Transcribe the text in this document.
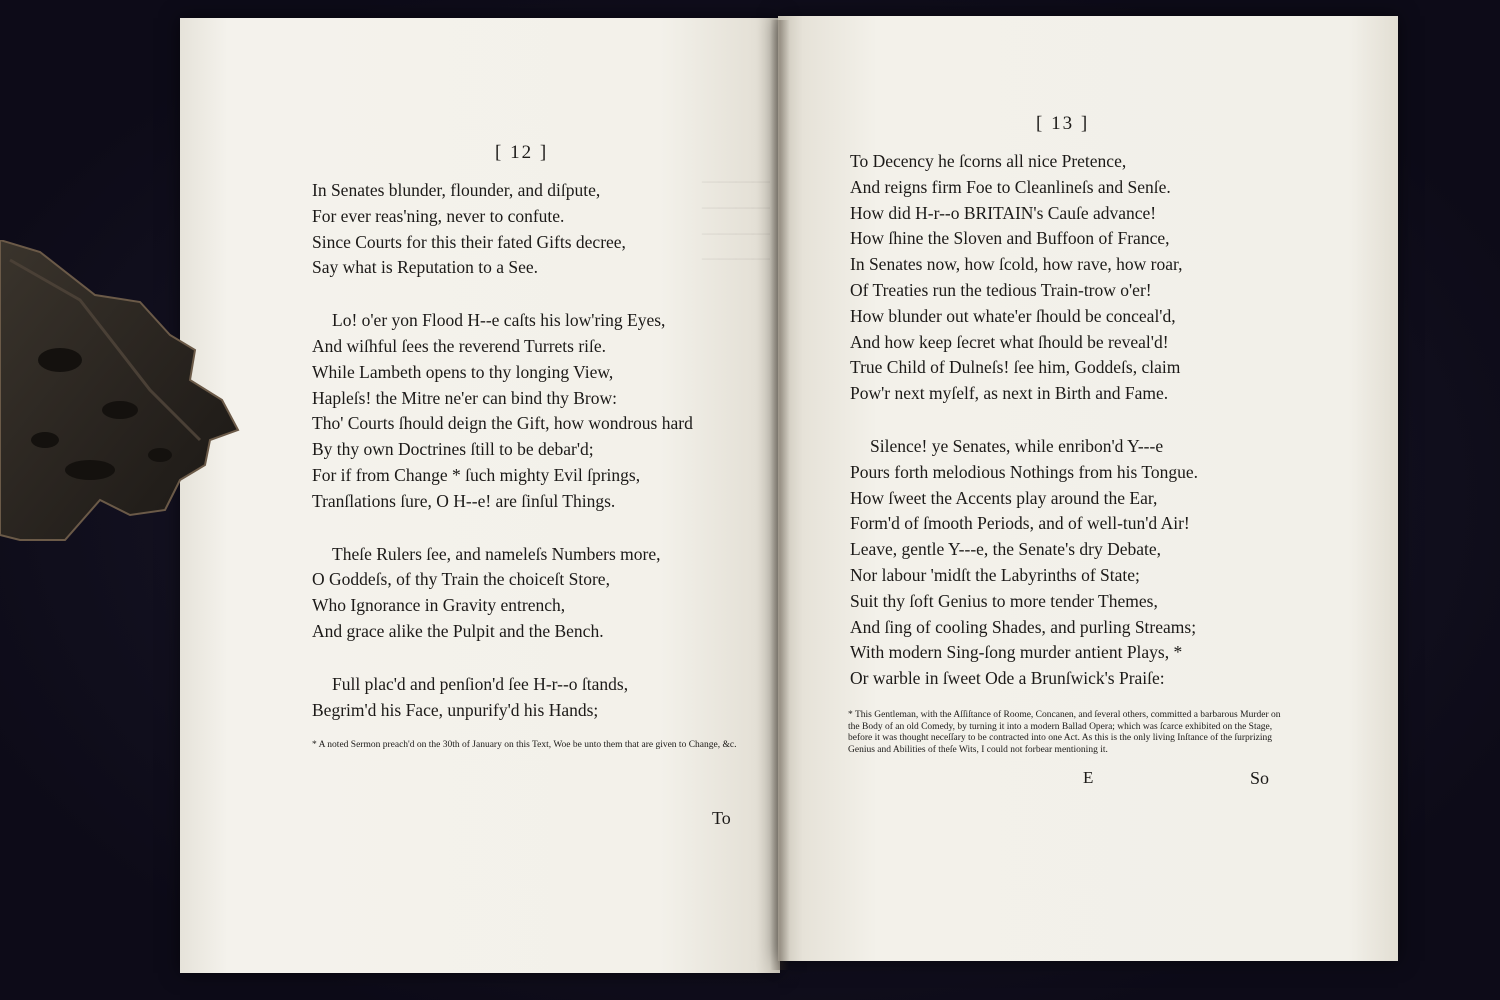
————
————
————
————
[ 12 ]
In Senates blunder, flounder, and diſpute,
For ever reas'ning, never to confute.
Since Courts for this their fated Gifts decree,
Say what is Reputation to a See.
Lo! o'er yon Flood H--e caſts his low'ring Eyes,
And wiſhful ſees the reverend Turrets riſe.
While Lambeth opens to thy longing View,
Hapleſs! the Mitre ne'er can bind thy Brow:
Tho' Courts ſhould deign the Gift, how wondrous hard
By thy own Doctrines ſtill to be debar'd;
For if from Change * ſuch mighty Evil ſprings,
Tranſlations ſure, O H--e! are ſinſul Things.
Theſe Rulers ſee, and nameleſs Numbers more,
O Goddeſs, of thy Train the choiceſt Store,
Who Ignorance in Gravity entrench,
And grace alike the Pulpit and the Bench.
Full plac'd and penſion'd ſee H-r--o ſtands,
Begrim'd his Face, unpurify'd his Hands;
* A noted Sermon preach'd on the 30th of January on this Text, Woe be unto them that are given to Change, &c.
To
[ 13 ]
To Decency he ſcorns all nice Pretence,
And reigns firm Foe to Cleanlineſs and Senſe.
How did H-r--o BRITAIN's Cauſe advance!
How ſhine the Sloven and Buffoon of France,
In Senates now, how ſcold, how rave, how roar,
Of Treaties run the tedious Train-trow o'er!
How blunder out whate'er ſhould be conceal'd,
And how keep ſecret what ſhould be reveal'd!
True Child of Dulneſs! ſee him, Goddeſs, claim
Pow'r next myſelf, as next in Birth and Fame.
Silence! ye Senates, while enribon'd Y---e
Pours forth melodious Nothings from his Tongue.
How ſweet the Accents play around the Ear,
Form'd of ſmooth Periods, and of well-tun'd Air!
Leave, gentle Y---e, the Senate's dry Debate,
Nor labour 'midſt the Labyrinths of State;
Suit thy ſoft Genius to more tender Themes,
And ſing of cooling Shades, and purling Streams;
With modern Sing-ſong murder antient Plays, *
Or warble in ſweet Ode a Brunſwick's Praiſe:
* This Gentleman, with the Aſſiſtance of Roome, Concanen, and ſeveral others, committed a barbarous Murder on the Body of an old Comedy, by turning it into a modern Ballad Opera; which was ſcarce exhibited on the Stage, before it was thought neceſſary to be contracted into one Act. As this is the only living Inſtance of the ſurprizing Genius and Abilities of theſe Wits, I could not forbear mentioning it.
E	So
